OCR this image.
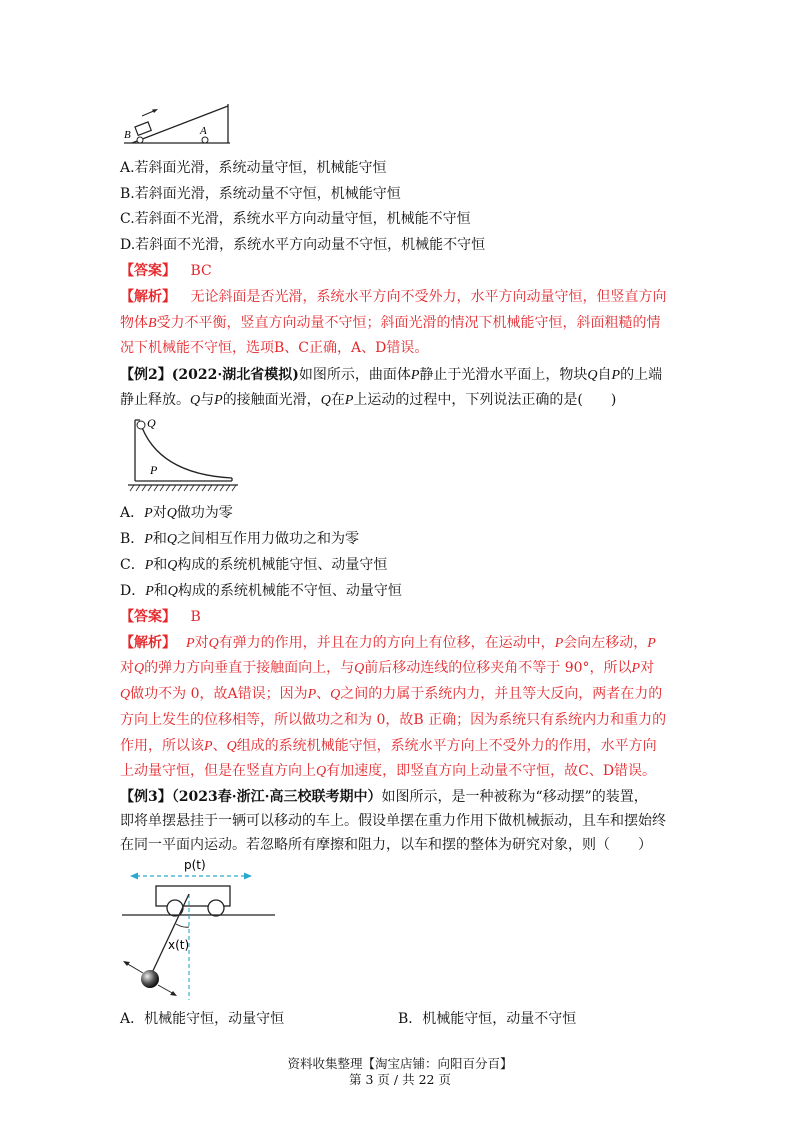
B	A
A.若斜面光滑，系统动量守恒，机械能守恒
B.若斜面光滑，系统动量不守恒，机械能守恒
C.若斜面不光滑，系统水平方向动量守恒，机械能不守恒
D.若斜面不光滑，系统水平方向动量不守恒，机械能不守恒
【答案】 BC
【解析】 无论斜面是否光滑，系统水平方向不受外力，水平方向动量守恒，但竖直方向
物体B受力不平衡，竖直方向动量不守恒；斜面光滑的情况下机械能守恒，斜面粗糙的情
况下机械能不守恒，选项B、C正确，A、D错误。
【例2】(2022·湖北省模拟)如图所示，曲面体P静止于光滑水平面上，物块Q自P的上端
静止释放。Q与P的接触面光滑，Q在P上运动的过程中，下列说法正确的是(　　)
Q
P
A．P对Q做功为零
B．P和Q之间相互作用力做功之和为零
C．P和Q构成的系统机械能守恒、动量守恒
D．P和Q构成的系统机械能不守恒、动量守恒
【答案】 B
【解析】 P对Q有弹力的作用，并且在力的方向上有位移，在运动中，P会向左移动，P
对Q的弹力方向垂直于接触面向上，与Q前后移动连线的位移夹角不等于 90°，所以P对
Q做功不为 0，故A错误；因为P、Q之间的力属于系统内力，并且等大反向，两者在力的
方向上发生的位移相等，所以做功之和为 0，故B 正确；因为系统只有系统内力和重力的
作用，所以该P、Q组成的系统机械能守恒，系统水平方向上不受外力的作用，水平方向
上动量守恒，但是在竖直方向上Q有加速度，即竖直方向上动量不守恒，故C、D错误。
【例3】（2023春·浙江·高三校联考期中）如图所示，是一种被称为“移动摆”的装置，
即将单摆悬挂于一辆可以移动的车上。假设单摆在重力作用下做机械振动，且车和摆始终
在同一平面内运动。若忽略所有摩擦和阻力，以车和摆的整体为研究对象，则（　　）
p(t)
x(t)
A．机械能守恒，动量守恒	B．机械能守恒，动量不守恒
资料收集整理【淘宝店铺：向阳百分百】
第 3 页 / 共 22 页
